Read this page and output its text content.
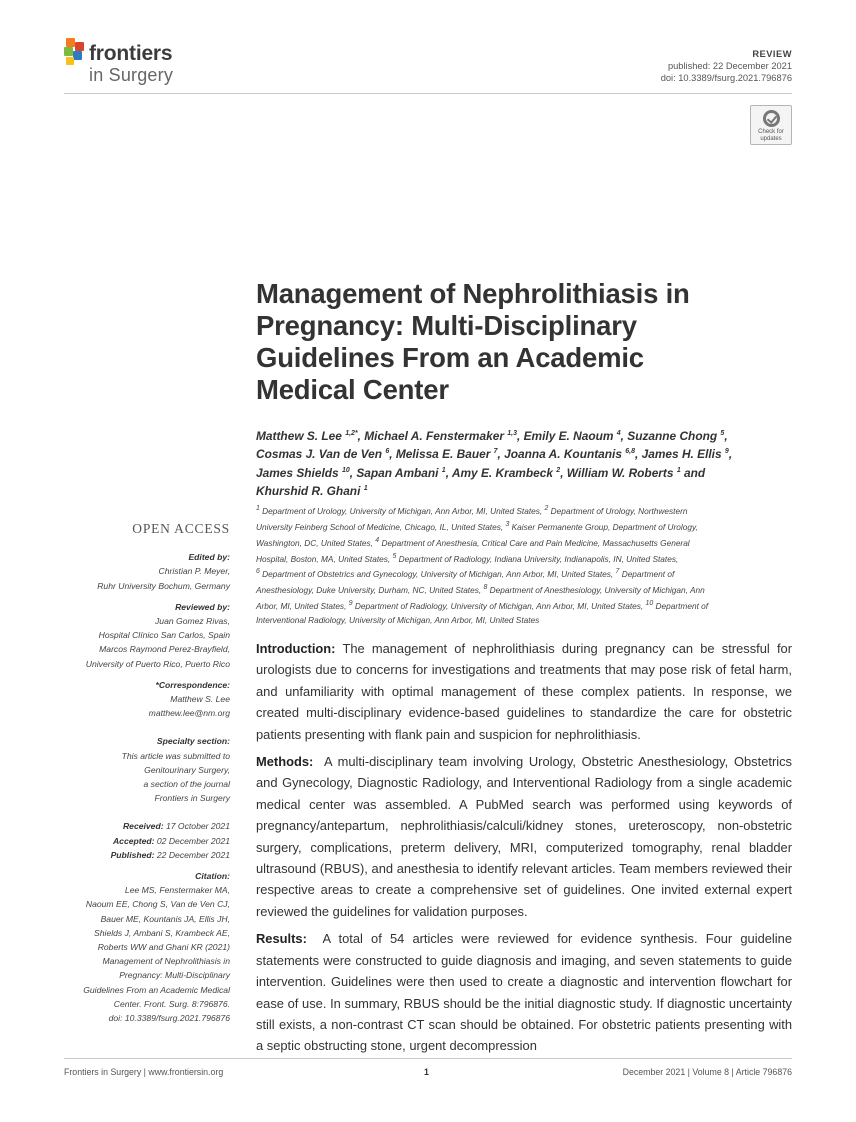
frontiers
in Surgery
REVIEW
published: 22 December 2021
doi: 10.3389/fsurg.2021.796876
Check for updates
Management of Nephrolithiasis in
Pregnancy: Multi-Disciplinary
Guidelines From an Academic
Medical Center
Matthew S. Lee $^{1,2*}$, Michael A. Fenstermaker $^{1,3}$, Emily E. Naoum $^4$, Suzanne Chong $^5$,
Cosmas J. Van de Ven $^6$, Melissa E. Bauer $^7$, Joanna A. Kountanis $^{6,8}$, James H. Ellis $^9$,
James Shields $^{10}$, Sapan Ambani $^1$, Amy E. Krambeck $^2$, William W. Roberts $^1$ and
Khurshid R. Ghani $^1$
$^1$ Department of Urology, University of Michigan, Ann Arbor, MI, United States, $^2$ Department of Urology, Northwestern
University Feinberg School of Medicine, Chicago, IL, United States, $^3$ Kaiser Permanente Group, Department of Urology,
Washington, DC, United States, $^4$ Department of Anesthesia, Critical Care and Pain Medicine, Massachusetts General
Hospital, Boston, MA, United States, $^5$ Department of Radiology, Indiana University, Indianapolis, IN, United States,
$^6$ Department of Obstetrics and Gynecology, University of Michigan, Ann Arbor, MI, United States, $^7$ Department of
Anesthesiology, Duke University, Durham, NC, United States, $^8$ Department of Anesthesiology, University of Michigan, Ann
Arbor, MI, United States, $^9$ Department of Radiology, University of Michigan, Ann Arbor, MI, United States, $^{10}$ Department of
Interventional Radiology, University of Michigan, Ann Arbor, MI, United States
OPEN ACCESS
Edited by:
Christian P. Meyer,
Ruhr University Bochum, Germany
Reviewed by:
Juan Gomez Rivas,
Hospital Clínico San Carlos, Spain
Marcos Raymond Perez-Brayfield,
University of Puerto Rico, Puerto Rico
*Correspondence:
Matthew S. Lee
matthew.lee@nm.org
Specialty section:
This article was submitted to
Genitourinary Surgery,
a section of the journal
Frontiers in Surgery
Received: 17 October 2021
Accepted: 02 December 2021
Published: 22 December 2021
Citation:
Lee MS, Fenstermaker MA,
Naoum EE, Chong S, Van de Ven CJ,
Bauer ME, Kountanis JA, Ellis JH,
Shields J, Ambani S, Krambeck AE,
Roberts WW and Ghani KR (2021)
Management of Nephrolithiasis in
Pregnancy: Multi-Disciplinary
Guidelines From an Academic Medical
Center. Front. Surg. 8:796876.
doi: 10.3389/fsurg.2021.796876

Introduction: The management of nephrolithiasis during pregnancy can be stressful for urologists due to concerns for investigations and treatments that may pose risk of fetal harm, and unfamiliarity with optimal management of these complex patients. In response, we created multi-disciplinary evidence-based guidelines to standardize the care for obstetric patients presenting with flank pain and suspicion for nephrolithiasis.

Methods:  A multi-disciplinary team involving Urology, Obstetric Anesthesiology, Obstetrics and Gynecology, Diagnostic Radiology, and Interventional Radiology from a single academic medical center was assembled. A PubMed search was performed using keywords of pregnancy/antepartum, nephrolithiasis/calculi/kidney stones, ureteroscopy, non-obstetric surgery, complications, preterm delivery, MRI, computerized tomography, renal bladder ultrasound (RBUS), and anesthesia to identify relevant articles. Team members reviewed their respective areas to create a comprehensive set of guidelines. One invited external expert reviewed the guidelines for validation purposes.

Results:  A total of 54 articles were reviewed for evidence synthesis. Four guideline statements were constructed to guide diagnosis and imaging, and seven statements to guide intervention. Guidelines were then used to create a diagnostic and intervention flowchart for ease of use. In summary, RBUS should be the initial diagnostic study. If diagnostic uncertainty still exists, a non-contrast CT scan should be obtained. For obstetric patients presenting with a septic obstructing stone, urgent decompression

Frontiers in Surgery | www.frontiersin.org	1	December 2021 | Volume 8 | Article 796876
